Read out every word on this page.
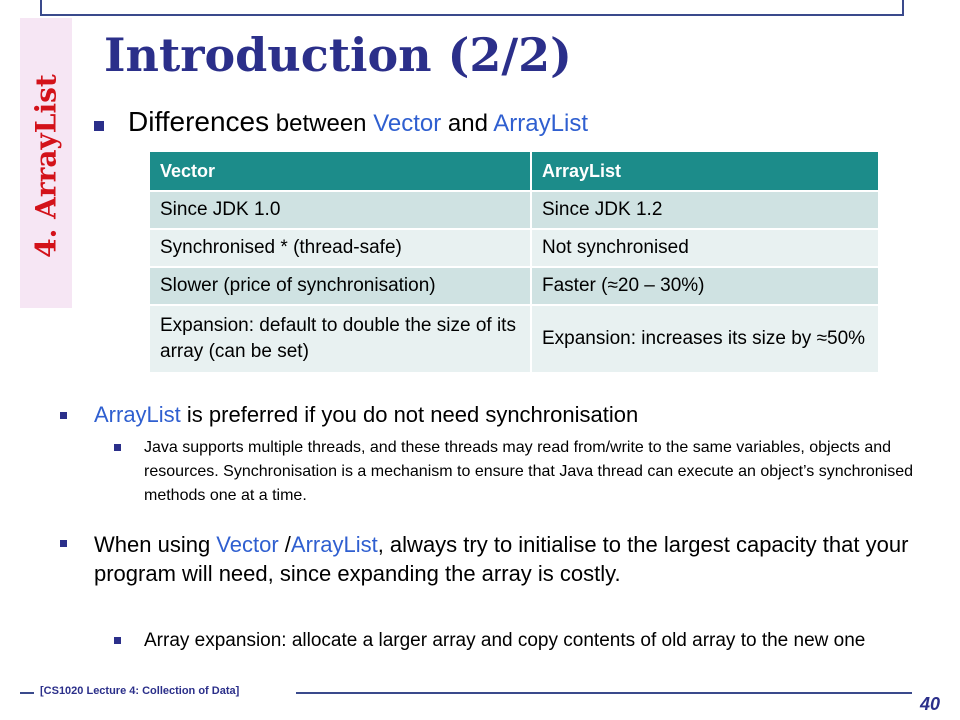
4. ArrayList
Introduction (2/2)
Differences between Vector and ArrayList
Vector	ArrayList
Since JDK 1.0	Since JDK 1.2
Synchronised * (thread-safe)	Not synchronised
Slower (price of synchronisation)	Faster (≈20 – 30%)
Expansion: default to double the size of its array (can be set)	Expansion: increases its size by ≈50%
ArrayList is preferred if you do not need synchronisation
Java supports multiple threads, and these threads may read from/write to the same variables, objects and resources. Synchronisation is a mechanism to ensure that Java thread can execute an object’s synchronised methods one at a time.
When using Vector /ArrayList, always try to initialise to the largest capacity that your program will need, since expanding the array is costly.
Array expansion: allocate a larger array and copy contents of old array to the new one
[CS1020 Lecture 4: Collection of Data]
40
